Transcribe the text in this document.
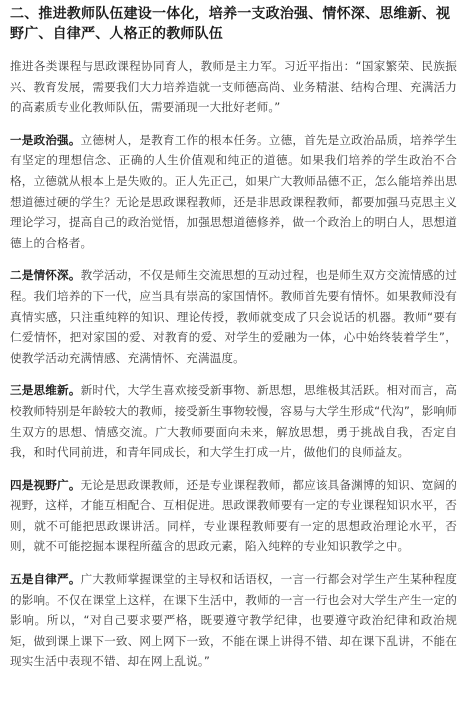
二、推进教师队伍建设一体化，培养一支政治强、情怀深、思维新、视野广、自律严、人格正的教师队伍

推进各类课程与思政课程协同育人，教师是主力军。习近平指出：“国家繁荣、民族振兴、教育发展，需要我们大力培养造就一支师德高尚、业务精湛、结构合理、充满活力的高素质专业化教师队伍，需要涌现一大批好老师。”

一是政治强。立德树人，是教育工作的根本任务。立德，首先是立政治品质，培养学生有坚定的理想信念、正确的人生价值观和纯正的道德。如果我们培养的学生政治不合格，立德就从根本上是失败的。正人先正己，如果广大教师品德不正，怎么能培养出思想道德过硬的学生？无论是思政课程教师，还是非思政课程教师，都要加强马克思主义理论学习，提高自己的政治觉悟，加强思想道德修养，做一个政治上的明白人，思想道德上的合格者。

二是情怀深。教学活动，不仅是师生交流思想的互动过程，也是师生双方交流情感的过程。我们培养的下一代，应当具有崇高的家国情怀。教师首先要有情怀。如果教师没有真情实感，只注重纯粹的知识、理论传授，教师就变成了只会说话的机器。教师“要有仁爱情怀，把对家国的爱、对教育的爱、对学生的爱融为一体，心中始终装着学生”，使教学活动充满情感、充满情怀、充满温度。

三是思维新。新时代，大学生喜欢接受新事物、新思想，思维极其活跃。相对而言，高校教师特别是年龄较大的教师，接受新生事物较慢，容易与大学生形成“代沟”，影响师生双方的思想、情感交流。广大教师要面向未来，解放思想，勇于挑战自我，否定自我，和时代同前进，和青年同成长，和大学生打成一片，做他们的良师益友。

四是视野广。无论是思政课教师，还是专业课程教师，都应该具备渊博的知识、宽阔的视野，这样，才能互相配合、互相促进。思政课教师要有一定的专业课程知识水平，否则，就不可能把思政课讲活。同样，专业课程教师要有一定的思想政治理论水平，否则，就不可能挖掘本课程所蕴含的思政元素，陷入纯粹的专业知识教学之中。

五是自律严。广大教师掌握课堂的主导权和话语权，一言一行都会对学生产生某种程度的影响。不仅在课堂上这样，在课下生活中，教师的一言一行也会对大学生产生一定的影响。所以，“对自己要求要严格，既要遵守教学纪律，也要遵守政治纪律和政治规矩，做到课上课下一致、网上网下一致，不能在课上讲得不错、却在课下乱讲，不能在现实生活中表现不错、却在网上乱说。”
